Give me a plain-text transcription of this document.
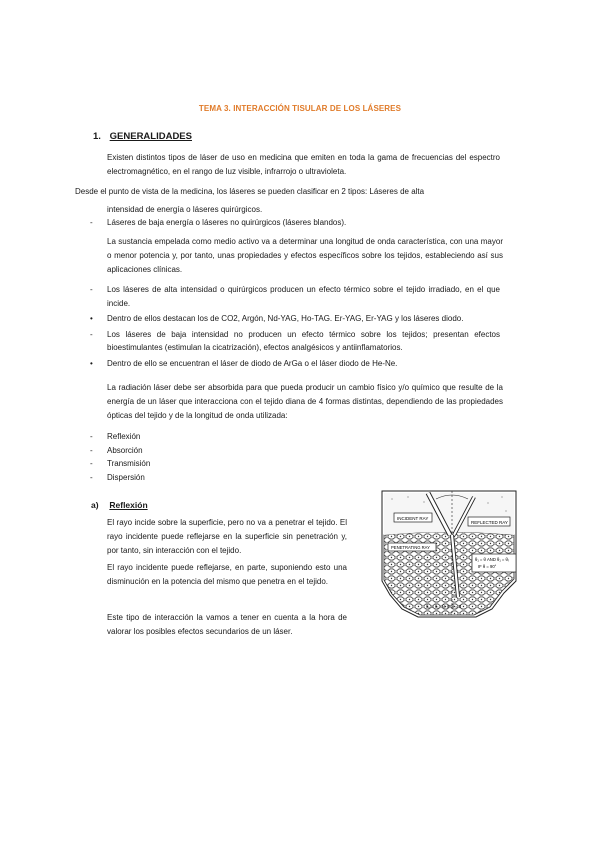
TEMA 3. INTERACCIÓN TISULAR DE LOS LÁSERES
1. GENERALIDADES
Existen distintos tipos de láser de uso en medicina que emiten en toda la gama de frecuencias del espectro electromagnético, en el rango de luz visible, infrarrojo o ultravioleta.
Desde el punto de vista de la medicina, los láseres se pueden clasificar en 2 tipos: Láseres de alta
intensidad de energía o láseres quirúrgicos.
-	Láseres de baja energía o láseres no quirúrgicos (láseres blandos).
La sustancia empelada como medio activo va a determinar una longitud de onda característica, con una mayor o menor potencia y, por tanto, unas propiedades y efectos específicos sobre los tejidos, estableciendo así sus aplicaciones clínicas.
-	Los láseres de alta intensidad o quirúrgicos producen un efecto térmico sobre el tejido irradiado, en el que incide.
•	Dentro de ellos destacan los de CO2, Argón, Nd-YAG, Ho-TAG. Er-YAG, Er-YAG y los láseres diodo.
-	Los láseres de baja intensidad no producen un efecto térmico sobre los tejidos; presentan efectos bioestimulantes (estimulan la cicatrización), efectos analgésicos y antiinflamatorios.
•	Dentro de ello se encuentran el láser de diodo de ArGa o el láser diodo de He-Ne.
La radiación láser debe ser absorbida para que pueda producir un cambio físico y/o químico que resulte de la energía de un láser que interacciona con el tejido diana de 4 formas distintas, dependiendo de las propiedades ópticas del tejido y de la longitud de onda utilizada:
-	Reflexión
-	Absorción
-	Transmisión
-	Dispersión
a) Reflexión
El rayo incide sobre la superficie, pero no va a penetrar el tejido. El rayo incidente puede reflejarse en la superficie sin penetración y, por tanto, sin interacción con el tejido.
El rayo incidente puede reflejarse, en parte, suponiendo esto una disminución en la potencia del mismo que penetra en el tejido.
Este tipo de interacción la vamos a tener en cuenta a la hora de valorar los posibles efectos secundarios de un láser.
INCIDENT RAY
REFLECTED RAY
PENETRATING RAY
θ₁ = θ AND θ₁ = θᵣ
IF θ = 90°
θₚ = θ₁ - θᵣ IF θ = 0
